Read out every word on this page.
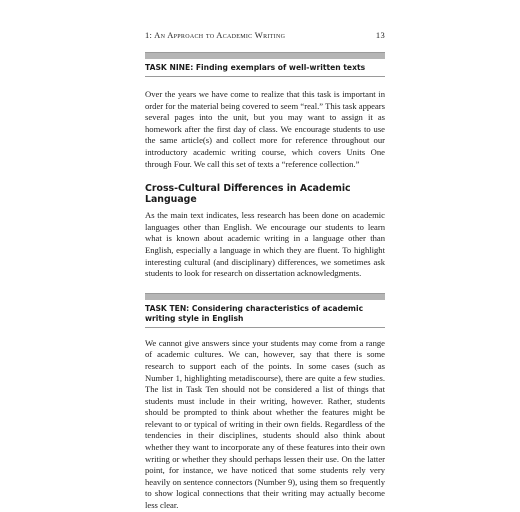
1: An Approach to Academic Writing	13

TASK NINE: Finding exemplars of well-written texts

Over the years we have come to realize that this task is important in order for the material being covered to seem “real.” This task appears several pages into the unit, but you may want to assign it as homework after the first day of class. We encourage students to use the same article(s) and collect more for reference throughout our introductory academic writing course, which covers Units One through Four. We call this set of texts a “reference collection.”

Cross-Cultural Differences in Academic Language

As the main text indicates, less research has been done on academic languages other than English. We encourage our students to learn what is known about academic writing in a language other than English, especially a language in which they are fluent. To highlight interesting cultural (and disciplinary) differences, we sometimes ask students to look for research on dissertation acknowledgments.

TASK TEN: Considering characteristics of academic writing style in English

We cannot give answers since your students may come from a range of academic cultures. We can, however, say that there is some research to support each of the points. In some cases (such as Number 1, highlighting metadiscourse), there are quite a few studies. The list in Task Ten should not be considered a list of things that students must include in their writing, however. Rather, students should be prompted to think about whether the features might be relevant to or typical of writing in their own fields. Regardless of the tendencies in their disciplines, students should also think about whether they want to incorporate any of these features into their own writing or whether they should perhaps lessen their use. On the latter point, for instance, we have noticed that some students rely very heavily on sentence connectors (Number 9), using them so frequently to show logical connections that their writing may actually become less clear.
